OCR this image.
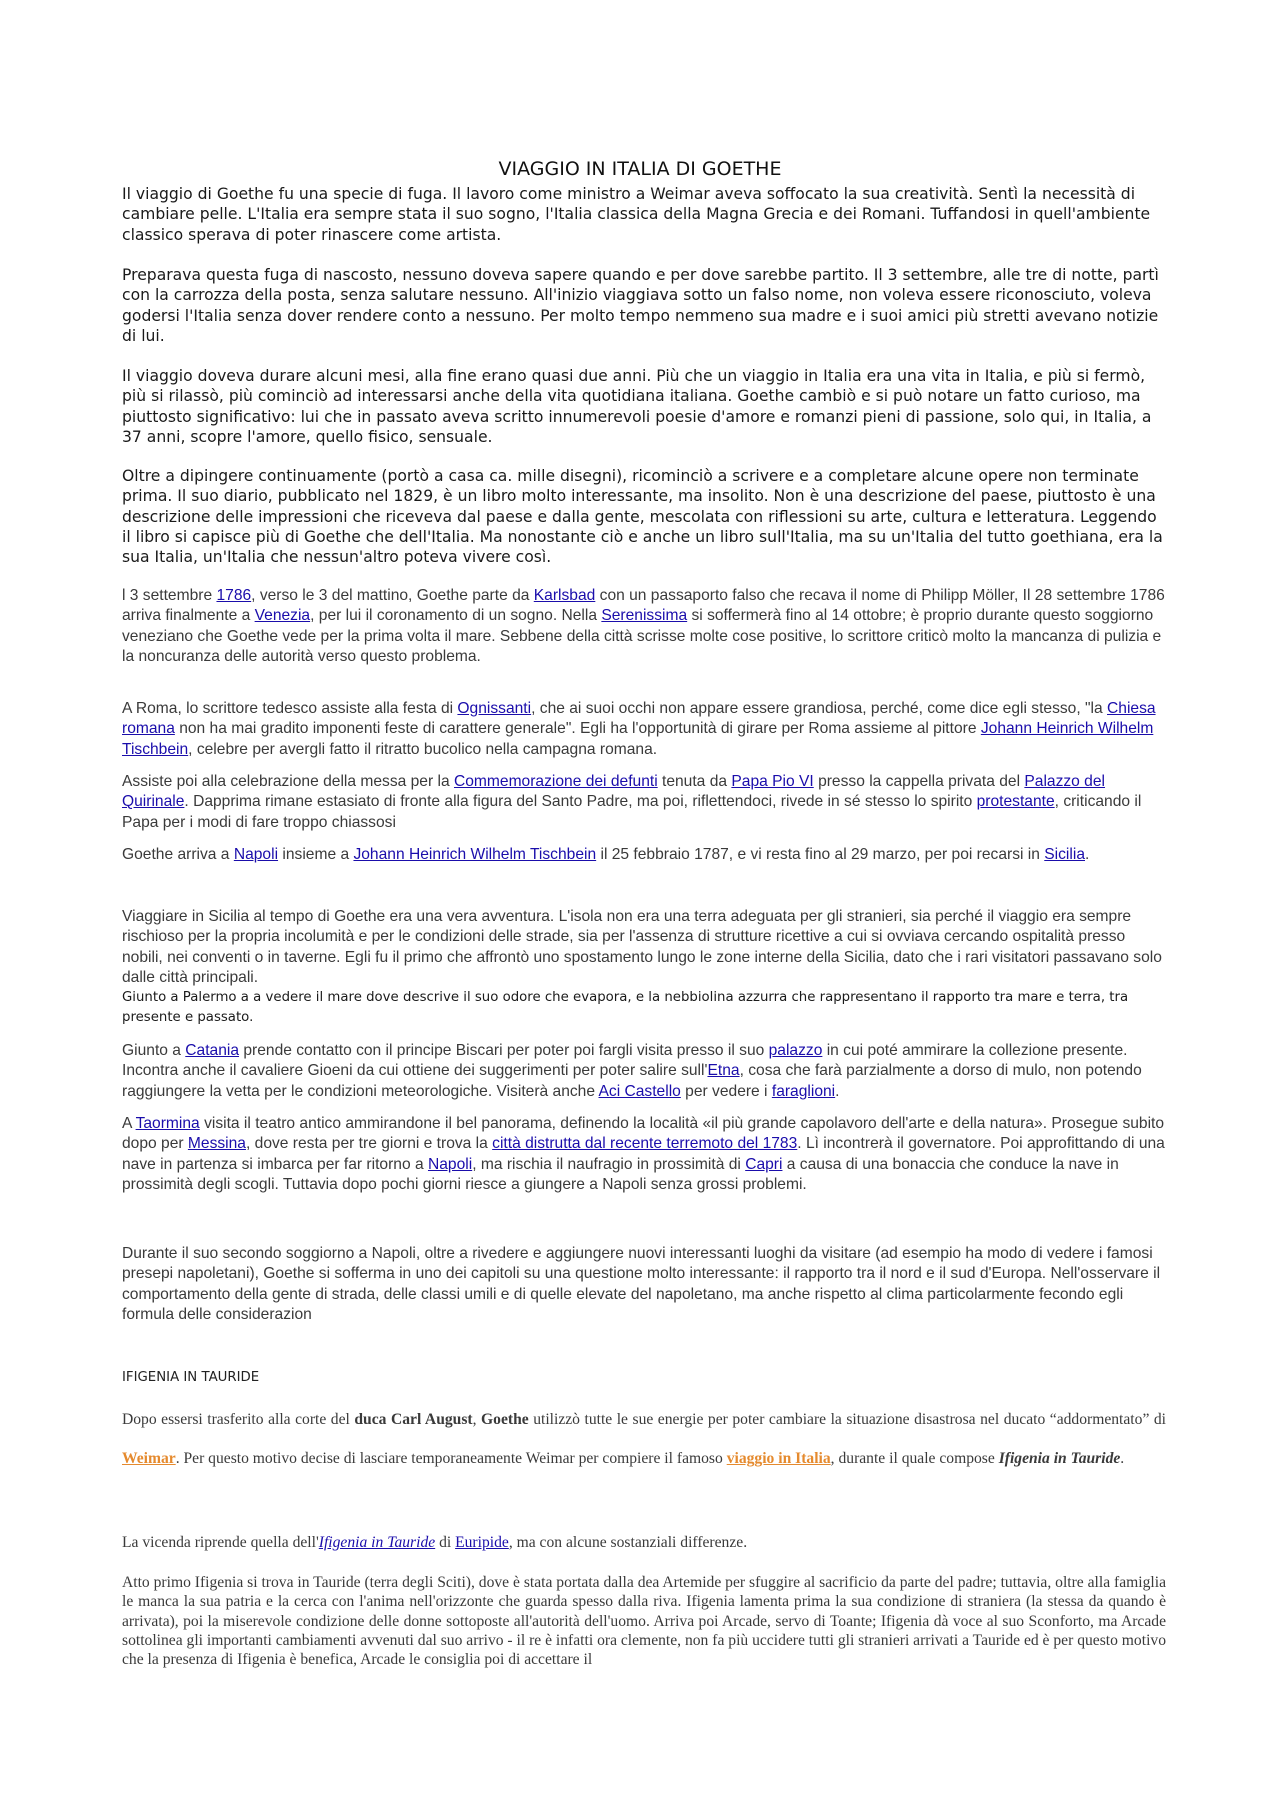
VIAGGIO IN ITALIA DI GOETHE

Il viaggio di Goethe fu una specie di fuga. Il lavoro come ministro a Weimar aveva soffocato la sua creatività. Sentì la necessità di cambiare pelle. L'Italia era sempre stata il suo sogno, l'Italia classica della Magna Grecia e dei Romani. Tuffandosi in quell'ambiente classico sperava di poter rinascere come artista.

Preparava questa fuga di nascosto, nessuno doveva sapere quando e per dove sarebbe partito. Il 3 settembre, alle tre di notte, partì con la carrozza della posta, senza salutare nessuno. All'inizio viaggiava sotto un falso nome, non voleva essere riconosciuto, voleva godersi l'Italia senza dover rendere conto a nessuno. Per molto tempo nemmeno sua madre e i suoi amici più stretti avevano notizie di lui.

Il viaggio doveva durare alcuni mesi, alla fine erano quasi due anni. Più che un viaggio in Italia era una vita in Italia, e più si fermò, più si rilassò, più cominciò ad interessarsi anche della vita quotidiana italiana. Goethe cambiò e si può notare un fatto curioso, ma piuttosto significativo: lui che in passato aveva scritto innumerevoli poesie d'amore e romanzi pieni di passione, solo qui, in Italia, a 37 anni, scopre l'amore, quello fisico, sensuale.

Oltre a dipingere continuamente (portò a casa ca. mille disegni), ricominciò a scrivere e a completare alcune opere non terminate prima. Il suo diario, pubblicato nel 1829, è un libro molto interessante, ma insolito. Non è una descrizione del paese, piuttosto è una descrizione delle impressioni che riceveva dal paese e dalla gente, mescolata con riflessioni su arte, cultura e letteratura. Leggendo il libro si capisce più di Goethe che dell'Italia. Ma nonostante ciò e anche un libro sull'Italia, ma su un'Italia del tutto goethiana, era la sua Italia, un'Italia che nessun'altro poteva vivere così.

l 3 settembre 1786, verso le 3 del mattino, Goethe parte da Karlsbad con un passaporto falso che recava il nome di Philipp Möller, Il 28 settembre 1786 arriva finalmente a Venezia, per lui il coronamento di un sogno. Nella Serenissima si soffermerà fino al 14 ottobre; è proprio durante questo soggiorno veneziano che Goethe vede per la prima volta il mare. Sebbene della città scrisse molte cose positive, lo scrittore criticò molto la mancanza di pulizia e la noncuranza delle autorità verso questo problema.

A Roma, lo scrittore tedesco assiste alla festa di Ognissanti, che ai suoi occhi non appare essere grandiosa, perché, come dice egli stesso, "la Chiesa romana non ha mai gradito imponenti feste di carattere generale". Egli ha l'opportunità di girare per Roma assieme al pittore Johann Heinrich Wilhelm Tischbein, celebre per avergli fatto il ritratto bucolico nella campagna romana.

Assiste poi alla celebrazione della messa per la Commemorazione dei defunti tenuta da Papa Pio VI presso la cappella privata del Palazzo del Quirinale. Dapprima rimane estasiato di fronte alla figura del Santo Padre, ma poi, riflettendoci, rivede in sé stesso lo spirito protestante, criticando il Papa per i modi di fare troppo chiassosi

Goethe arriva a Napoli insieme a Johann Heinrich Wilhelm Tischbein il 25 febbraio 1787, e vi resta fino al 29 marzo, per poi recarsi in Sicilia.

Viaggiare in Sicilia al tempo di Goethe era una vera avventura. L'isola non era una terra adeguata per gli stranieri, sia perché il viaggio era sempre rischioso per la propria incolumità e per le condizioni delle strade, sia per l'assenza di strutture ricettive a cui si ovviava cercando ospitalità presso nobili, nei conventi o in taverne. Egli fu il primo che affrontò uno spostamento lungo le zone interne della Sicilia, dato che i rari visitatori passavano solo dalle città principali.

Giunto a Palermo a a vedere il mare dove descrive il suo odore che evapora, e la nebbiolina azzurra che rappresentano il rapporto tra mare e terra, tra presente e passato.

Giunto a Catania prende contatto con il principe Biscari per poter poi fargli visita presso il suo palazzo in cui poté ammirare la collezione presente. Incontra anche il cavaliere Gioeni da cui ottiene dei suggerimenti per poter salire sull'Etna, cosa che farà parzialmente a dorso di mulo, non potendo raggiungere la vetta per le condizioni meteorologiche. Visiterà anche Aci Castello per vedere i faraglioni.

A Taormina visita il teatro antico ammirandone il bel panorama, definendo la località «il più grande capolavoro dell'arte e della natura». Prosegue subito dopo per Messina, dove resta per tre giorni e trova la città distrutta dal recente terremoto del 1783. Lì incontrerà il governatore. Poi approfittando di una nave in partenza si imbarca per far ritorno a Napoli, ma rischia il naufragio in prossimità di Capri a causa di una bonaccia che conduce la nave in prossimità degli scogli. Tuttavia dopo pochi giorni riesce a giungere a Napoli senza grossi problemi.

Durante il suo secondo soggiorno a Napoli, oltre a rivedere e aggiungere nuovi interessanti luoghi da visitare (ad esempio ha modo di vedere i famosi presepi napoletani), Goethe si sofferma in uno dei capitoli su una questione molto interessante: il rapporto tra il nord e il sud d'Europa. Nell'osservare il comportamento della gente di strada, delle classi umili e di quelle elevate del napoletano, ma anche rispetto al clima particolarmente fecondo egli formula delle considerazion

IFIGENIA IN TAURIDE

Dopo essersi trasferito alla corte del duca Carl August, Goethe utilizzò tutte le sue energie per poter cambiare la situazione disastrosa nel ducato “addormentato” di Weimar. Per questo motivo decise di lasciare temporaneamente Weimar per compiere il famoso viaggio in Italia, durante il quale compose Ifigenia in Tauride.

La vicenda riprende quella dell'Ifigenia in Tauride di Euripide, ma con alcune sostanziali differenze.

Atto primo Ifigenia si trova in Tauride (terra degli Sciti), dove è stata portata dalla dea Artemide per sfuggire al sacrificio da parte del padre; tuttavia, oltre alla famiglia le manca la sua patria e la cerca con l'anima nell'orizzonte che guarda spesso dalla riva. Ifigenia lamenta prima la sua condizione di straniera (la stessa da quando è arrivata), poi la miserevole condizione delle donne sottoposte all'autorità dell'uomo. Arriva poi Arcade, servo di Toante; Ifigenia dà voce al suo Sconforto, ma Arcade sottolinea gli importanti cambiamenti avvenuti dal suo arrivo - il re è infatti ora clemente, non fa più uccidere tutti gli stranieri arrivati a Tauride ed è per questo motivo che la presenza di Ifigenia è benefica, Arcade le consiglia poi di accettare il
